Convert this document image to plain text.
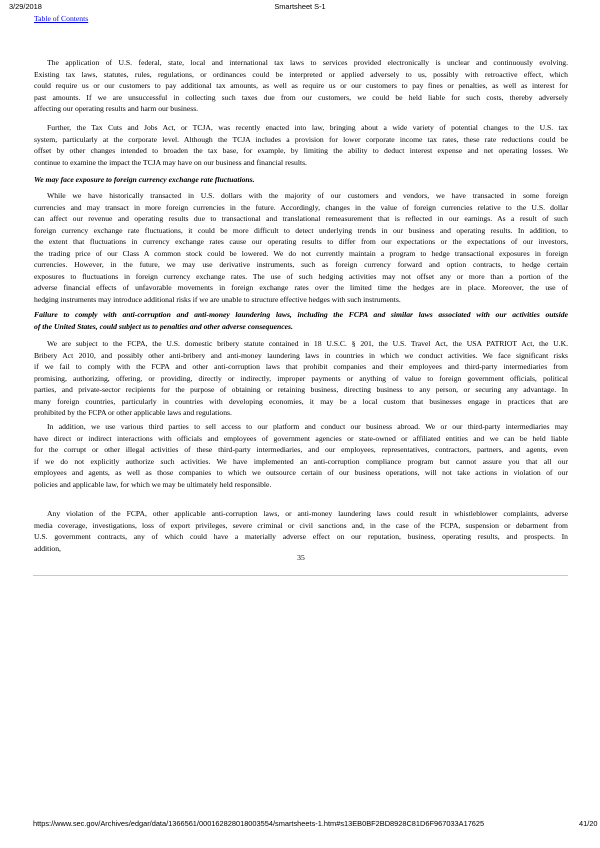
3/29/2018	Smartsheet S-1
Table of Contents
The application of U.S. federal, state, local and international tax laws to services provided electronically is unclear and continuously evolving.
Existing tax laws, statutes, rules, regulations, or ordinances could be interpreted or applied adversely to us, possibly with retroactive effect, which
could require us or our customers to pay additional tax amounts, as well as require us or our customers to pay fines or penalties, as well as interest for
past amounts. If we are unsuccessful in collecting such taxes due from our customers, we could be held liable for such costs, thereby adversely
affecting our operating results and harm our business.
Further, the Tax Cuts and Jobs Act, or TCJA, was recently enacted into law, bringing about a wide variety of potential changes to the U.S. tax
system, particularly at the corporate level. Although the TCJA includes a provision for lower corporate income tax rates, these rate reductions could be
offset by other changes intended to broaden the tax base, for example, by limiting the ability to deduct interest expense and net operating losses. We
continue to examine the impact the TCJA may have on our business and financial results.
We may face exposure to foreign currency exchange rate fluctuations.
While we have historically transacted in U.S. dollars with the majority of our customers and vendors, we have transacted in some foreign
currencies and may transact in more foreign currencies in the future. Accordingly, changes in the value of foreign currencies relative to the U.S. dollar
can affect our revenue and operating results due to transactional and translational remeasurement that is reflected in our earnings. As a result of such
foreign currency exchange rate fluctuations, it could be more difficult to detect underlying trends in our business and operating results. In addition, to
the extent that fluctuations in currency exchange rates cause our operating results to differ from our expectations or the expectations of our investors,
the trading price of our Class A common stock could be lowered. We do not currently maintain a program to hedge transactional exposures in foreign
currencies. However, in the future, we may use derivative instruments, such as foreign currency forward and option contracts, to hedge certain
exposures to fluctuations in foreign currency exchange rates. The use of such hedging activities may not offset any or more than a portion of the
adverse financial effects of unfavorable movements in foreign exchange rates over the limited time the hedges are in place. Moreover, the use of
hedging instruments may introduce additional risks if we are unable to structure effective hedges with such instruments.
Failure to comply with anti-corruption and anti-money laundering laws, including the FCPA and similar laws associated with our activities outside
of the United States, could subject us to penalties and other adverse consequences.
We are subject to the FCPA, the U.S. domestic bribery statute contained in 18 U.S.C. § 201, the U.S. Travel Act, the USA PATRIOT Act, the U.K.
Bribery Act 2010, and possibly other anti-bribery and anti-money laundering laws in countries in which we conduct activities. We face significant risks
if we fail to comply with the FCPA and other anti-corruption laws that prohibit companies and their employees and third-party intermediaries from
promising, authorizing, offering, or providing, directly or indirectly, improper payments or anything of value to foreign government officials, political
parties, and private-sector recipients for the purpose of obtaining or retaining business, directing business to any person, or securing any advantage. In
many foreign countries, particularly in countries with developing economies, it may be a local custom that businesses engage in practices that are
prohibited by the FCPA or other applicable laws and regulations.
In addition, we use various third parties to sell access to our platform and conduct our business abroad. We or our third-party intermediaries may
have direct or indirect interactions with officials and employees of government agencies or state-owned or affiliated entities and we can be held liable
for the corrupt or other illegal activities of these third-party intermediaries, and our employees, representatives, contractors, partners, and agents, even
if we do not explicitly authorize such activities. We have implemented an anti-corruption compliance program but cannot assure you that all our
employees and agents, as well as those companies to which we outsource certain of our business operations, will not take actions in violation of our
policies and applicable law, for which we may be ultimately held responsible.
Any violation of the FCPA, other applicable anti-corruption laws, or anti-money laundering laws could result in whistleblower complaints, adverse
media coverage, investigations, loss of export privileges, severe criminal or civil sanctions and, in the case of the FCPA, suspension or debarment from
U.S. government contracts, any of which could have a materially adverse effect on our reputation, business, operating results, and prospects. In
addition,
35
https://www.sec.gov/Archives/edgar/data/1366561/000162828018003554/smartsheets-1.htm#s13EB0BF2BD8928C81D6F967033A17625	41/20
